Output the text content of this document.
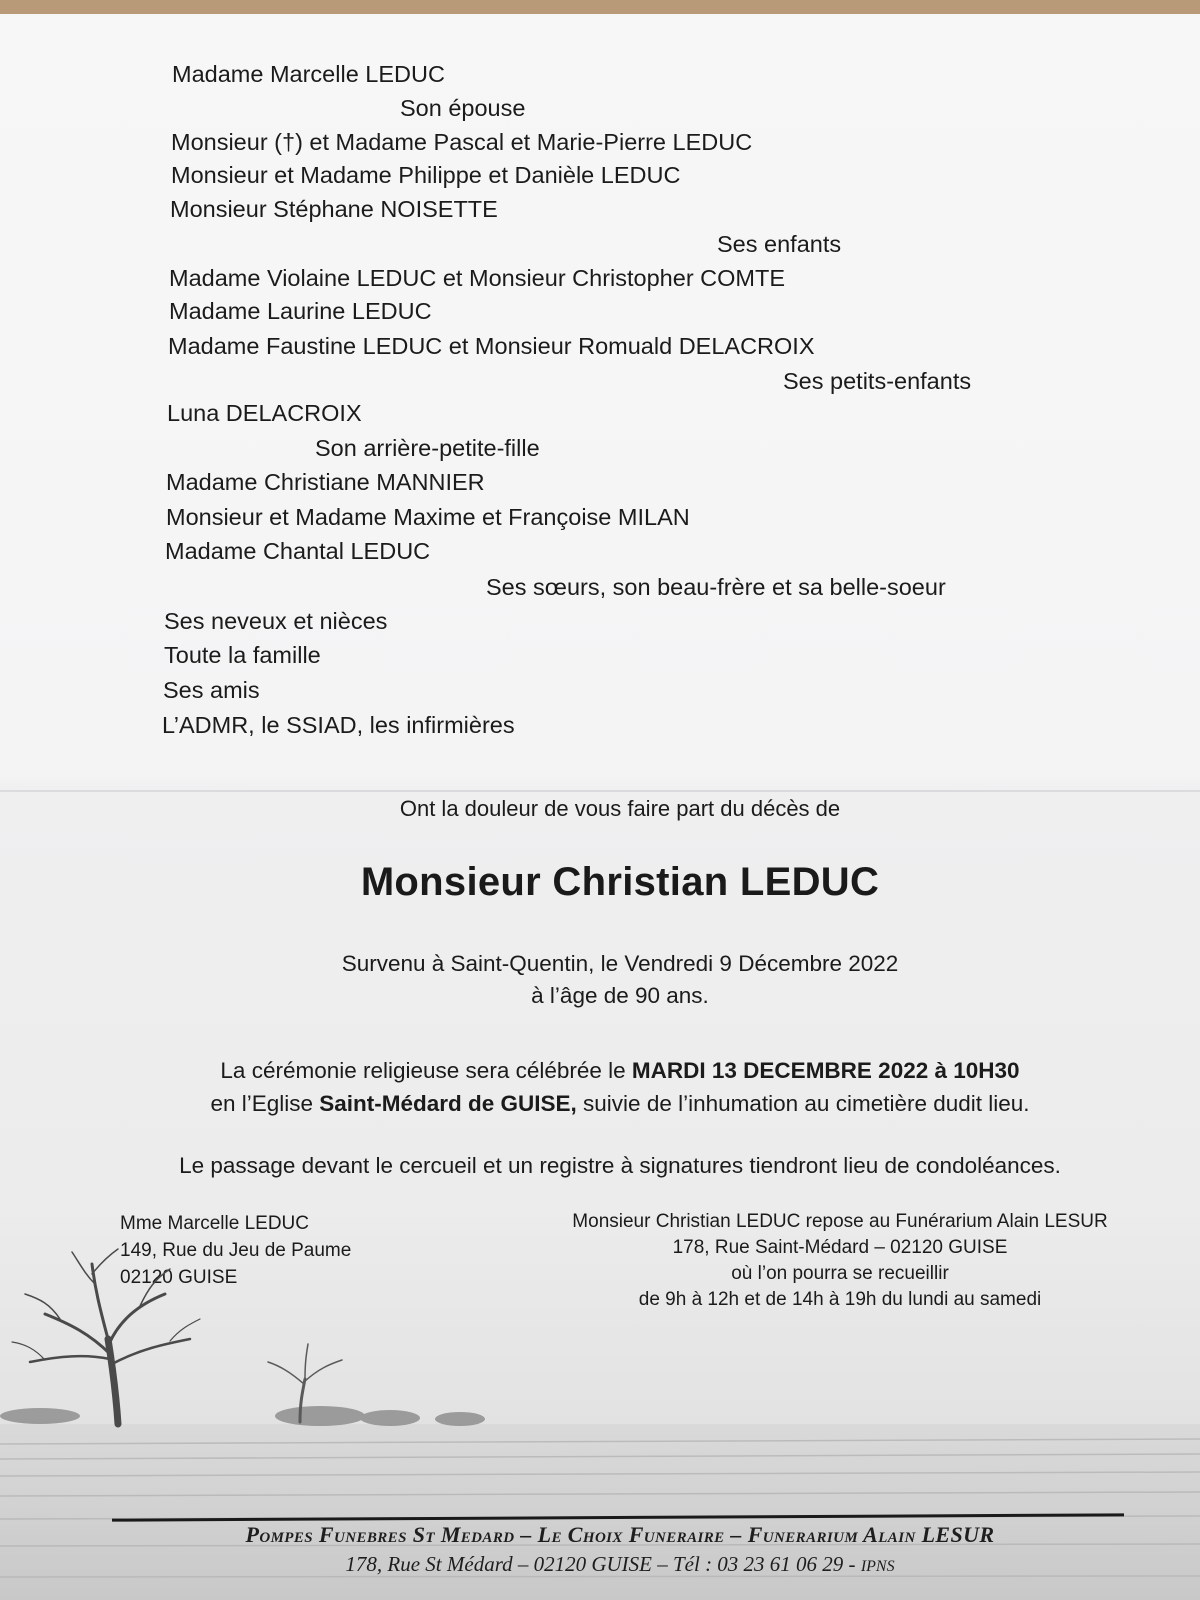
Madame Marcelle LEDUC
Son épouse
Monsieur (†) et Madame Pascal et Marie-Pierre LEDUC
Monsieur et Madame Philippe et Danièle LEDUC
Monsieur Stéphane NOISETTE
Ses enfants
Madame Violaine LEDUC et Monsieur Christopher COMTE
Madame Laurine LEDUC
Madame Faustine LEDUC et Monsieur Romuald DELACROIX
Ses petits-enfants
Luna DELACROIX
Son arrière-petite-fille
Madame Christiane MANNIER
Monsieur et Madame Maxime et Françoise MILAN
Madame Chantal LEDUC
Ses sœurs, son beau-frère et sa belle-soeur
Ses neveux et nièces
Toute la famille
Ses amis
L’ADMR, le SSIAD, les infirmières
Ont la douleur de vous faire part du décès de
Monsieur Christian LEDUC
Survenu à Saint-Quentin, le Vendredi 9 Décembre 2022
à l’âge de 90 ans.
La cérémonie religieuse sera célébrée le MARDI 13 DECEMBRE 2022 à 10H30
en l’Eglise Saint-Médard de GUISE, suivie de l’inhumation au cimetière dudit lieu.
Le passage devant le cercueil et un registre à signatures tiendront lieu de condoléances.
Mme Marcelle LEDUC
149, Rue du Jeu de Paume
02120 GUISE
Monsieur Christian LEDUC repose au Funérarium Alain LESUR
178, Rue Saint-Médard – 02120 GUISE
où l’on pourra se recueillir
de 9h à 12h et de 14h à 19h du lundi au samedi
Pompes Funebres St Medard – Le Choix Funeraire – Funerarium Alain LESUR
178, Rue St Médard – 02120 GUISE – Tél : 03 23 61 06 29 - IPNS
